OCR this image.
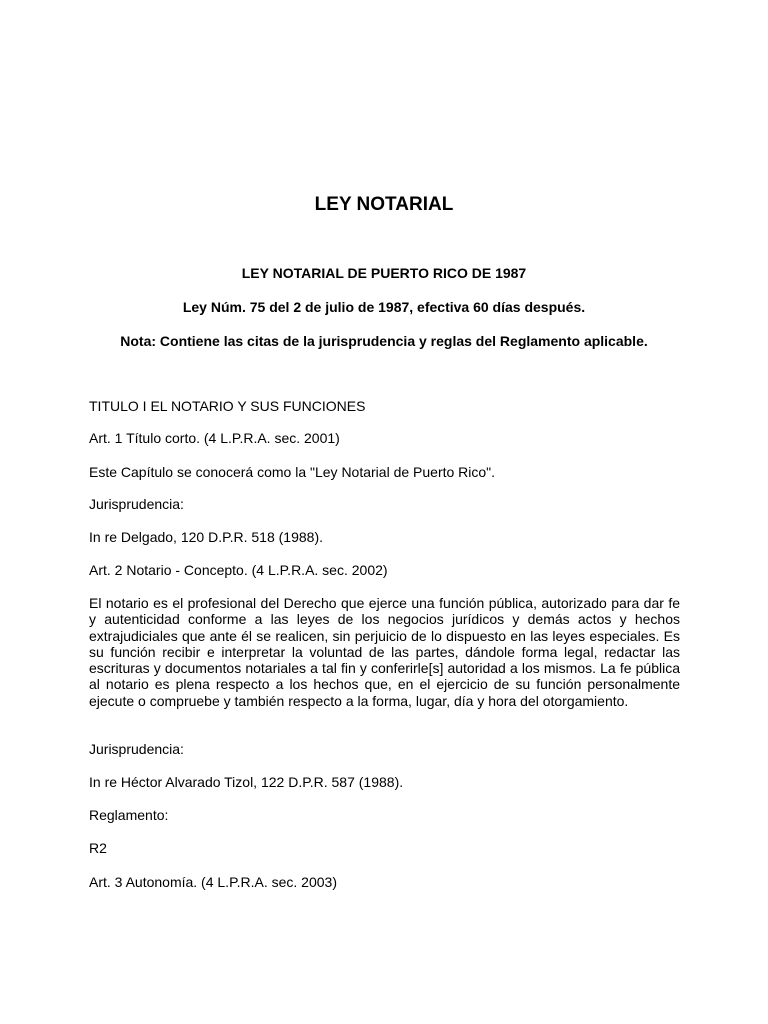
LEY NOTARIAL
LEY NOTARIAL DE PUERTO RICO DE 1987
Ley Núm. 75 del 2 de julio de 1987, efectiva 60 días después.
Nota: Contiene las citas de la jurisprudencia y reglas del Reglamento aplicable.
TITULO I EL NOTARIO Y SUS FUNCIONES
Art. 1 Título corto. (4 L.P.R.A. sec. 2001)
Este Capítulo se conocerá como la "Ley Notarial de Puerto Rico".
Jurisprudencia:
In re Delgado, 120 D.P.R. 518 (1988).
Art. 2 Notario - Concepto. (4 L.P.R.A. sec. 2002)
El notario es el profesional del Derecho que ejerce una función pública, autorizado para dar fe y autenticidad conforme a las leyes de los negocios jurídicos y demás actos y hechos extrajudiciales que ante él se realicen, sin perjuicio de lo dispuesto en las leyes especiales. Es su función recibir e interpretar la voluntad de las partes, dándole forma legal, redactar las escrituras y documentos notariales a tal fin y conferirle[s] autoridad a los mismos. La fe pública al notario es plena respecto a los hechos que, en el ejercicio de su función personalmente ejecute o compruebe y también respecto a la forma, lugar, día y hora del otorgamiento.
Jurisprudencia:
In re Héctor Alvarado Tizol, 122 D.P.R. 587 (1988).
Reglamento:
R2
Art. 3 Autonomía. (4 L.P.R.A. sec. 2003)
